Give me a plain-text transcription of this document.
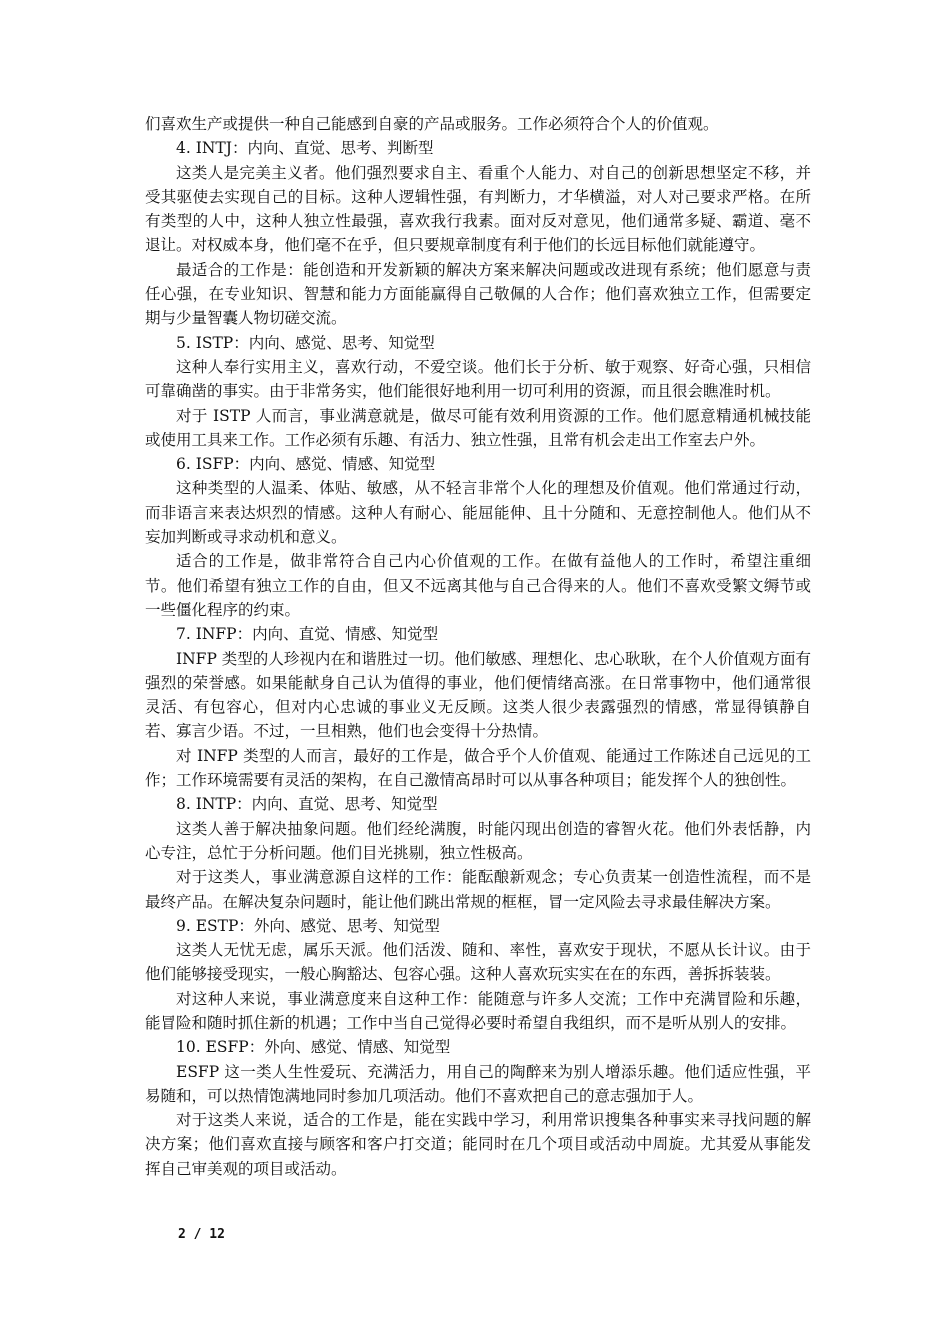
们喜欢生产或提供一种自己能感到自豪的产品或服务。工作必须符合个人的价值观。

4. INTJ：内向、直觉、思考、判断型

这类人是完美主义者。他们强烈要求自主、看重个人能力、对自己的创新思想坚定不移，并受其驱使去实现自己的目标。这种人逻辑性强，有判断力，才华横溢，对人对己要求严格。在所有类型的人中，这种人独立性最强，喜欢我行我素。面对反对意见，他们通常多疑、霸道、毫不退让。对权威本身，他们毫不在乎，但只要规章制度有利于他们的长远目标他们就能遵守。

最适合的工作是：能创造和开发新颖的解决方案来解决问题或改进现有系统；他们愿意与责任心强，在专业知识、智慧和能力方面能赢得自己敬佩的人合作；他们喜欢独立工作，但需要定期与少量智囊人物切磋交流。

5. ISTP：内向、感觉、思考、知觉型

这种人奉行实用主义，喜欢行动，不爱空谈。他们长于分析、敏于观察、好奇心强，只相信可靠确凿的事实。由于非常务实，他们能很好地利用一切可利用的资源，而且很会瞧准时机。

对于 ISTP 人而言，事业满意就是，做尽可能有效利用资源的工作。他们愿意精通机械技能或使用工具来工作。工作必须有乐趣、有活力、独立性强，且常有机会走出工作室去户外。

6. ISFP：内向、感觉、情感、知觉型

这种类型的人温柔、体贴、敏感，从不轻言非常个人化的理想及价值观。他们常通过行动，而非语言来表达炽烈的情感。这种人有耐心、能屈能伸、且十分随和、无意控制他人。他们从不妄加判断或寻求动机和意义。

适合的工作是，做非常符合自己内心价值观的工作。在做有益他人的工作时，希望注重细节。他们希望有独立工作的自由，但又不远离其他与自己合得来的人。他们不喜欢受繁文缛节或一些僵化程序的约束。

7. INFP：内向、直觉、情感、知觉型

INFP 类型的人珍视内在和谐胜过一切。他们敏感、理想化、忠心耿耿，在个人价值观方面有强烈的荣誉感。如果能献身自己认为值得的事业，他们便情绪高涨。在日常事物中，他们通常很灵活、有包容心，但对内心忠诚的事业义无反顾。这类人很少表露强烈的情感，常显得镇静自若、寡言少语。不过，一旦相熟，他们也会变得十分热情。

对 INFP 类型的人而言，最好的工作是，做合乎个人价值观、能通过工作陈述自己远见的工作；工作环境需要有灵活的架构，在自己激情高昂时可以从事各种项目；能发挥个人的独创性。

8. INTP：内向、直觉、思考、知觉型

这类人善于解决抽象问题。他们经纶满腹，时能闪现出创造的睿智火花。他们外表恬静，内心专注，总忙于分析问题。他们目光挑剔，独立性极高。

对于这类人，事业满意源自这样的工作：能酝酿新观念；专心负责某一创造性流程，而不是最终产品。在解决复杂问题时，能让他们跳出常规的框框，冒一定风险去寻求最佳解决方案。

9. ESTP：外向、感觉、思考、知觉型

这类人无忧无虑，属乐天派。他们活泼、随和、率性，喜欢安于现状，不愿从长计议。由于他们能够接受现实，一般心胸豁达、包容心强。这种人喜欢玩实实在在的东西，善拆拆装装。

对这种人来说，事业满意度来自这种工作：能随意与许多人交流；工作中充满冒险和乐趣，能冒险和随时抓住新的机遇；工作中当自己觉得必要时希望自我组织，而不是听从别人的安排。

10. ESFP：外向、感觉、情感、知觉型

ESFP 这一类人生性爱玩、充满活力，用自己的陶醉来为别人增添乐趣。他们适应性强，平易随和，可以热情饱满地同时参加几项活动。他们不喜欢把自己的意志强加于人。

对于这类人来说，适合的工作是，能在实践中学习，利用常识搜集各种事实来寻找问题的解决方案；他们喜欢直接与顾客和客户打交道；能同时在几个项目或活动中周旋。尤其爱从事能发挥自己审美观的项目或活动。

2 / 12
